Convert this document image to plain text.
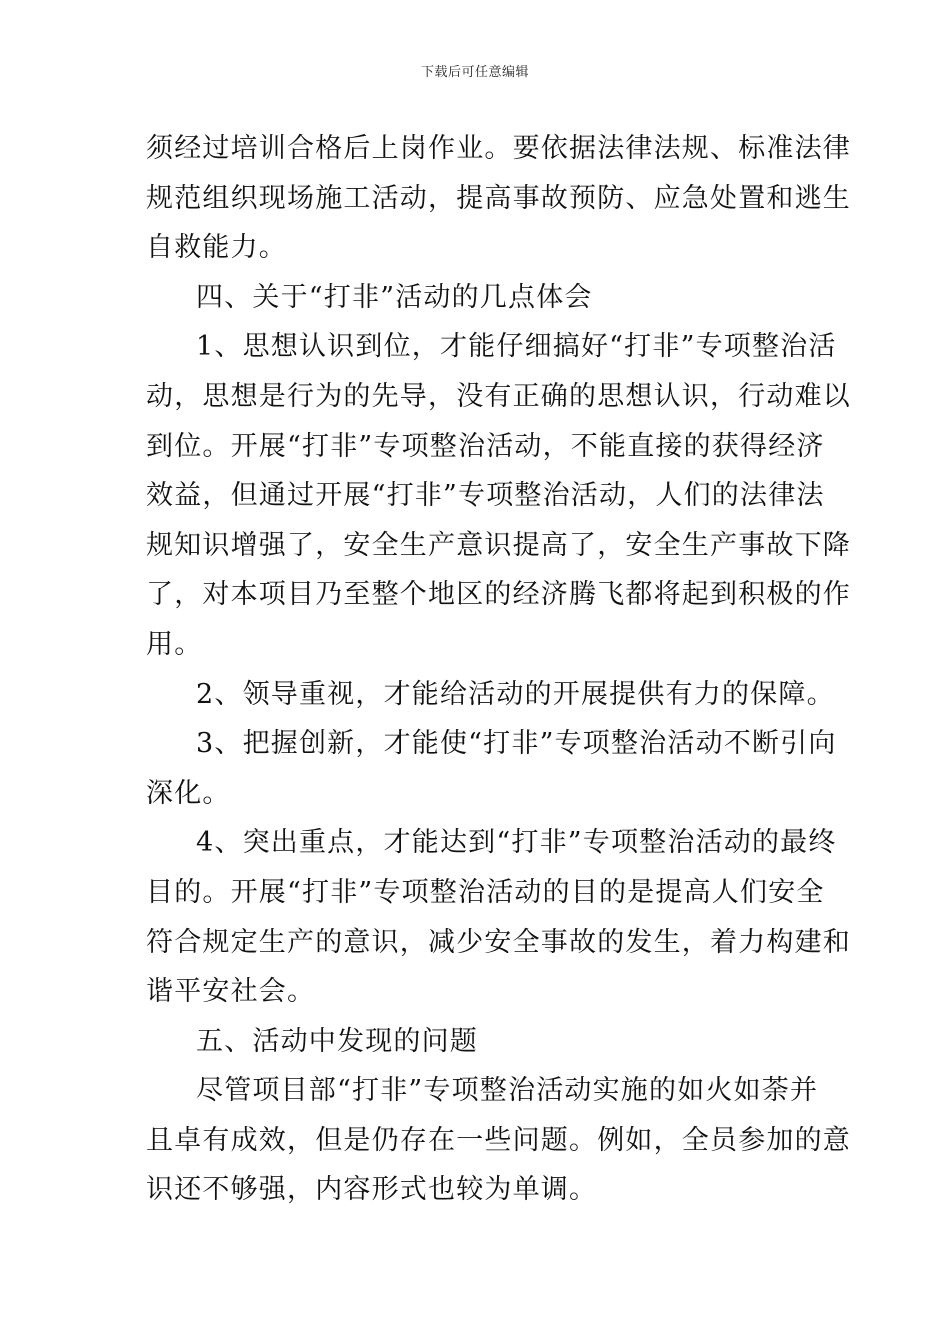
下载后可任意编辑
须经过培训合格后上岗作业。要依据法律法规、标准法律
规范组织现场施工活动，提高事故预防、应急处置和逃生
自救能力。
四、关于“打非”活动的几点体会
1、思想认识到位，才能仔细搞好“打非”专项整治活
动，思想是行为的先导，没有正确的思想认识，行动难以
到位。开展“打非”专项整治活动，不能直接的获得经济
效益，但通过开展“打非”专项整治活动，人们的法律法
规知识增强了，安全生产意识提高了，安全生产事故下降
了，对本项目乃至整个地区的经济腾飞都将起到积极的作
用。
2、领导重视，才能给活动的开展提供有力的保障。
3、把握创新，才能使“打非”专项整治活动不断引向
深化。
4、突出重点，才能达到“打非”专项整治活动的最终
目的。开展“打非”专项整治活动的目的是提高人们安全
符合规定生产的意识，减少安全事故的发生，着力构建和
谐平安社会。
五、活动中发现的问题
尽管项目部“打非”专项整治活动实施的如火如荼并
且卓有成效，但是仍存在一些问题。例如，全员参加的意
识还不够强，内容形式也较为单调。
